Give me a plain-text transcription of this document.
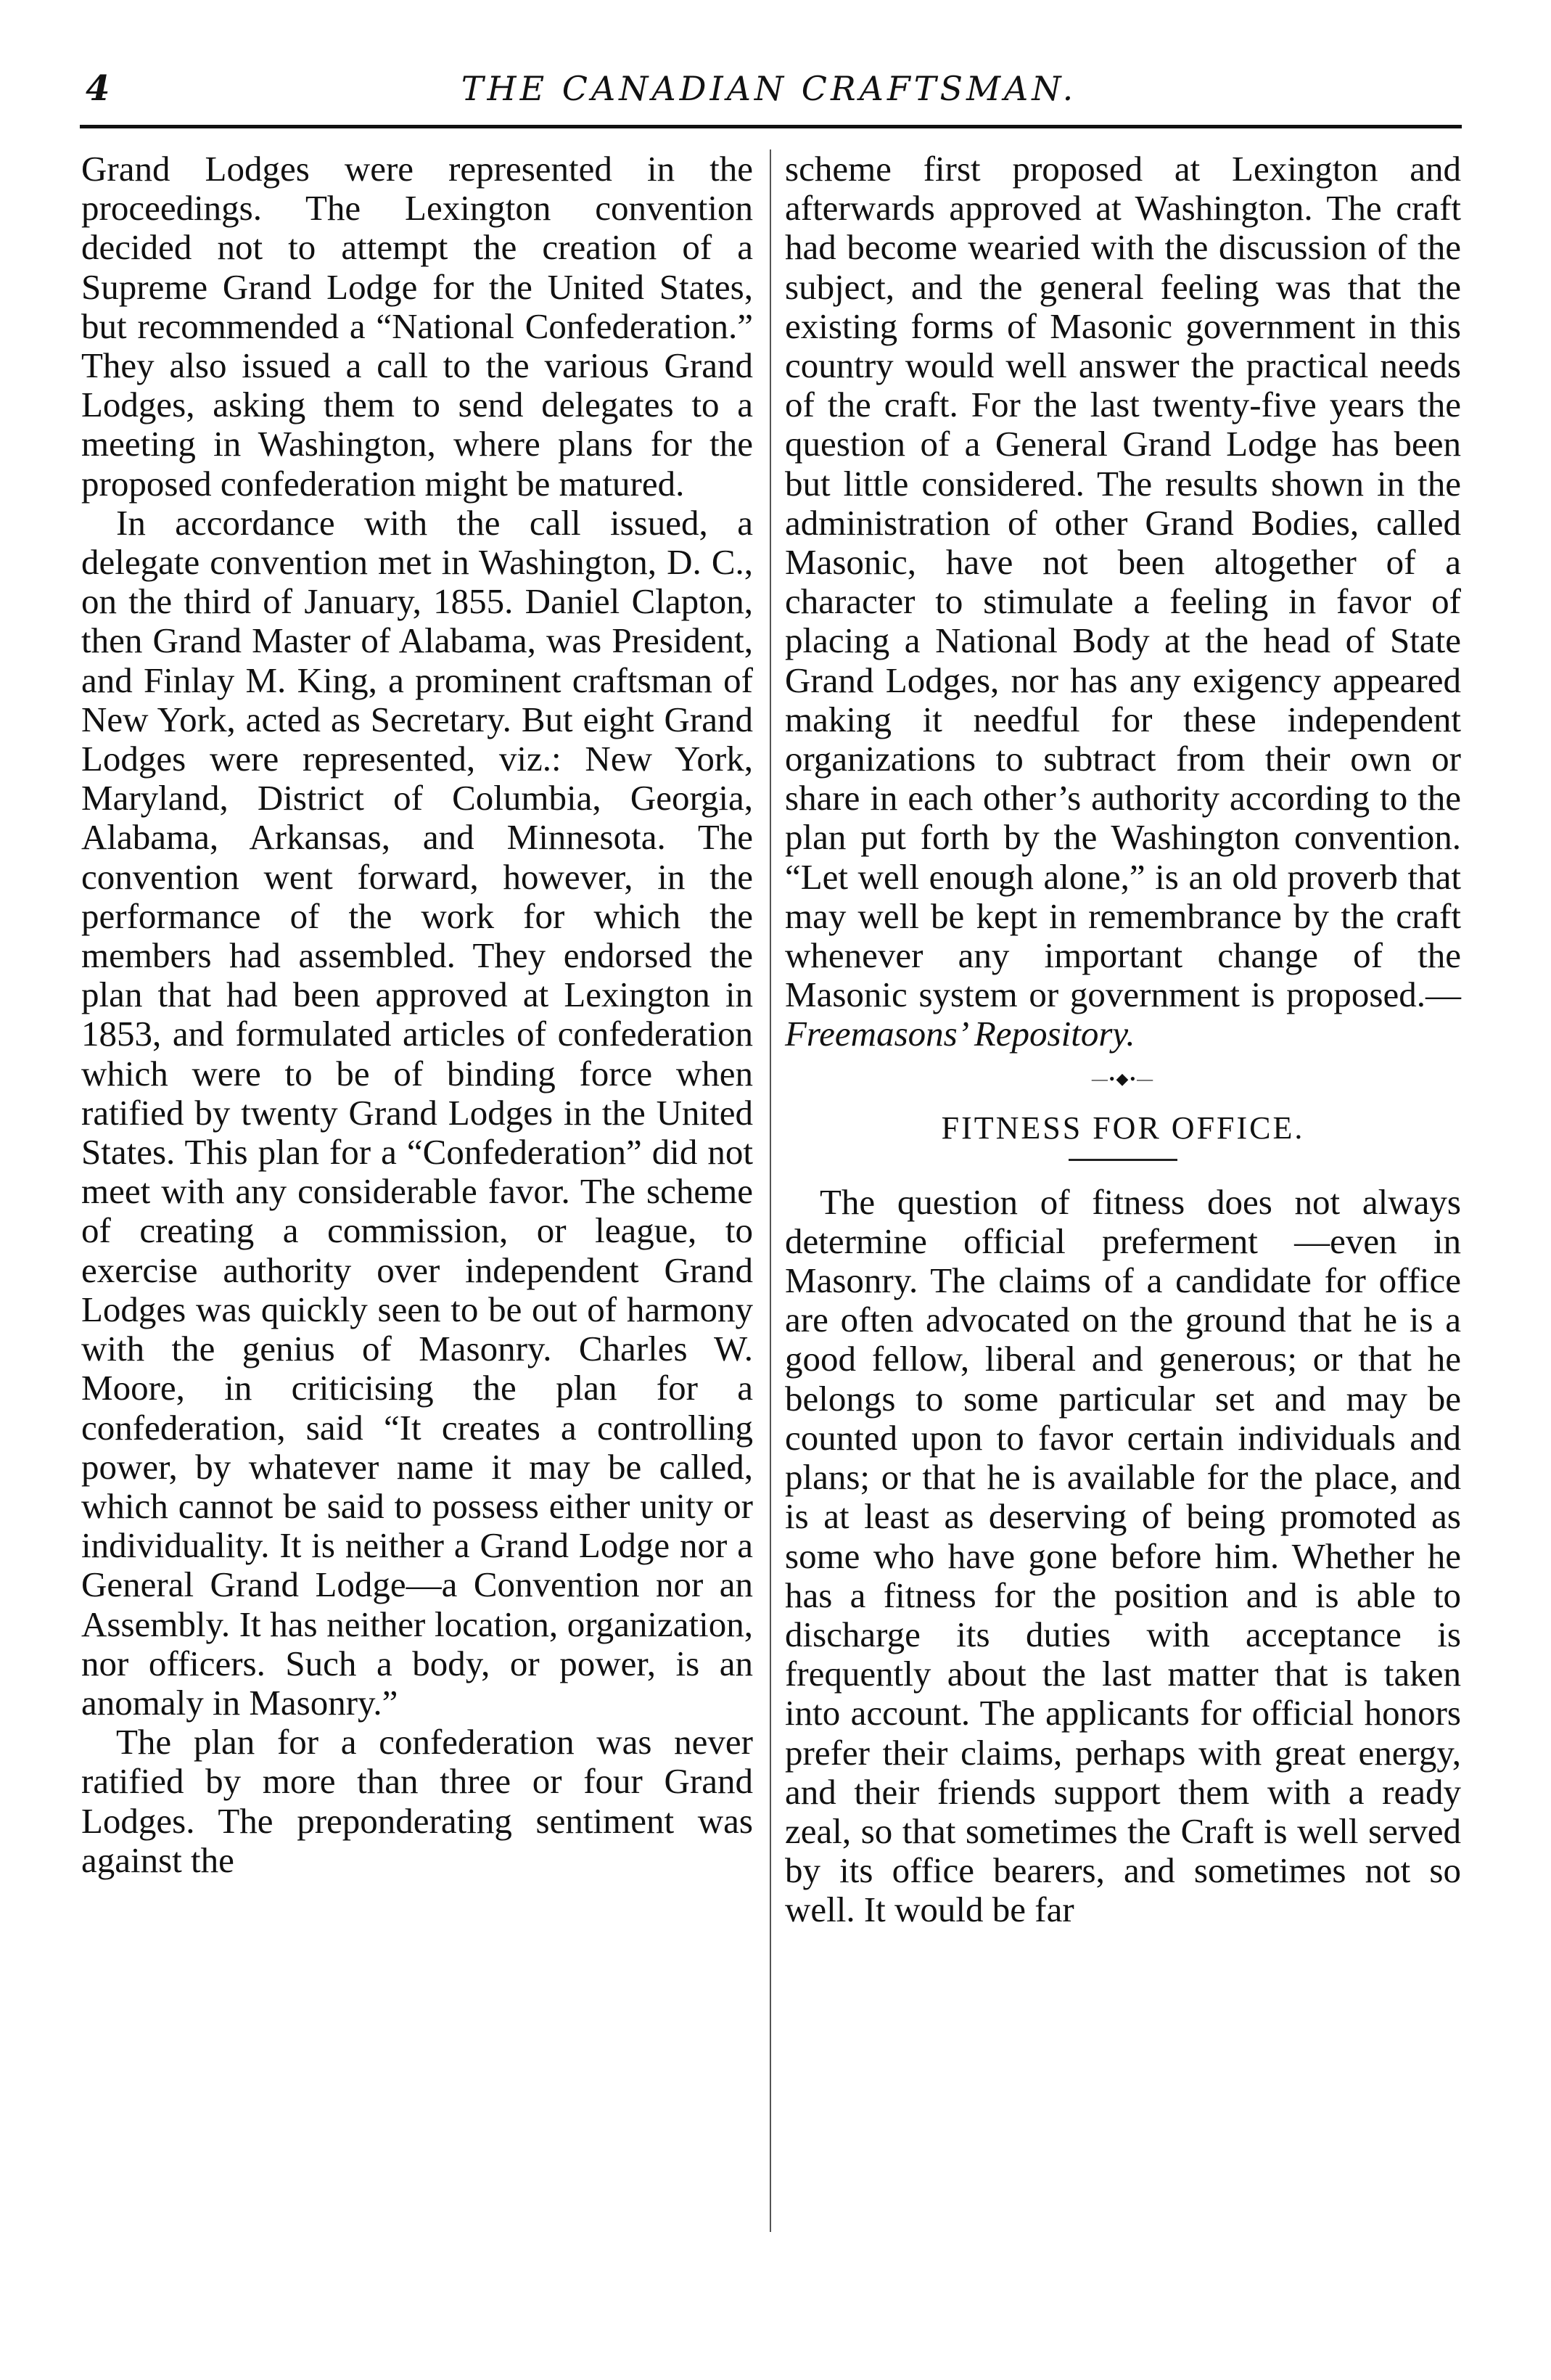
4	THE CANADIAN CRAFTSMAN.

Grand Lodges were represented in the proceedings. The Lexington convention decided not to attempt the creation of a Supreme Grand Lodge for the United States, but recommended a “National Confederation.” They also issued a call to the various Grand Lodges, asking them to send delegates to a meeting in Washington, where plans for the proposed confederation might be matured.

In accordance with the call issued, a delegate convention met in Washington, D. C., on the third of January, 1855. Daniel Clapton, then Grand Master of Alabama, was President, and Finlay M. King, a prominent craftsman of New York, acted as Secretary. But eight Grand Lodges were represented, viz.: New York, Maryland, District of Columbia, Georgia, Alabama, Arkansas, and Minnesota. The convention went forward, however, in the performance of the work for which the members had assembled. They endorsed the plan that had been approved at Lexington in 1853, and formulated articles of confederation which were to be of binding force when ratified by twenty Grand Lodges in the United States. This plan for a “Confederation” did not meet with any considerable favor. The scheme of creating a commission, or league, to exercise authority over independent Grand Lodges was quickly seen to be out of harmony with the genius of Masonry. Charles W. Moore, in criticising the plan for a confederation, said “It creates a controlling power, by whatever name it may be called, which cannot be said to possess either unity or individuality. It is neither a Grand Lodge nor a General Grand Lodge—a Convention nor an Assembly. It has neither location, organization, nor officers. Such a body, or power, is an anomaly in Masonry.”

The plan for a confederation was never ratified by more than three or four Grand Lodges. The preponderating sentiment was against the

scheme first proposed at Lexington and afterwards approved at Washington. The craft had become wearied with the discussion of the subject, and the general feeling was that the existing forms of Masonic government in this country would well answer the practical needs of the craft. For the last twenty-five years the question of a General Grand Lodge has been but little considered. The results shown in the administration of other Grand Bodies, called Masonic, have not been altogether of a character to stimulate a feeling in favor of placing a National Body at the head of State Grand Lodges, nor has any exigency appeared making it needful for these independent organizations to subtract from their own or share in each other’s authority according to the plan put forth by the Washington convention. “Let well enough alone,” is an old proverb that may well be kept in remembrance by the craft whenever any important change of the Masonic system or government is proposed.—Freemasons’ Repository.

—•◆•—
FITNESS FOR OFFICE.

The question of fitness does not always determine official preferment —even in Masonry. The claims of a candidate for office are often advocated on the ground that he is a good fellow, liberal and generous; or that he belongs to some particular set and may be counted upon to favor certain individuals and plans; or that he is available for the place, and is at least as deserving of being promoted as some who have gone before him. Whether he has a fitness for the position and is able to discharge its duties with acceptance is frequently about the last matter that is taken into account. The applicants for official honors prefer their claims, perhaps with great energy, and their friends support them with a ready zeal, so that sometimes the Craft is well served by its office bearers, and sometimes not so well. It would be far
